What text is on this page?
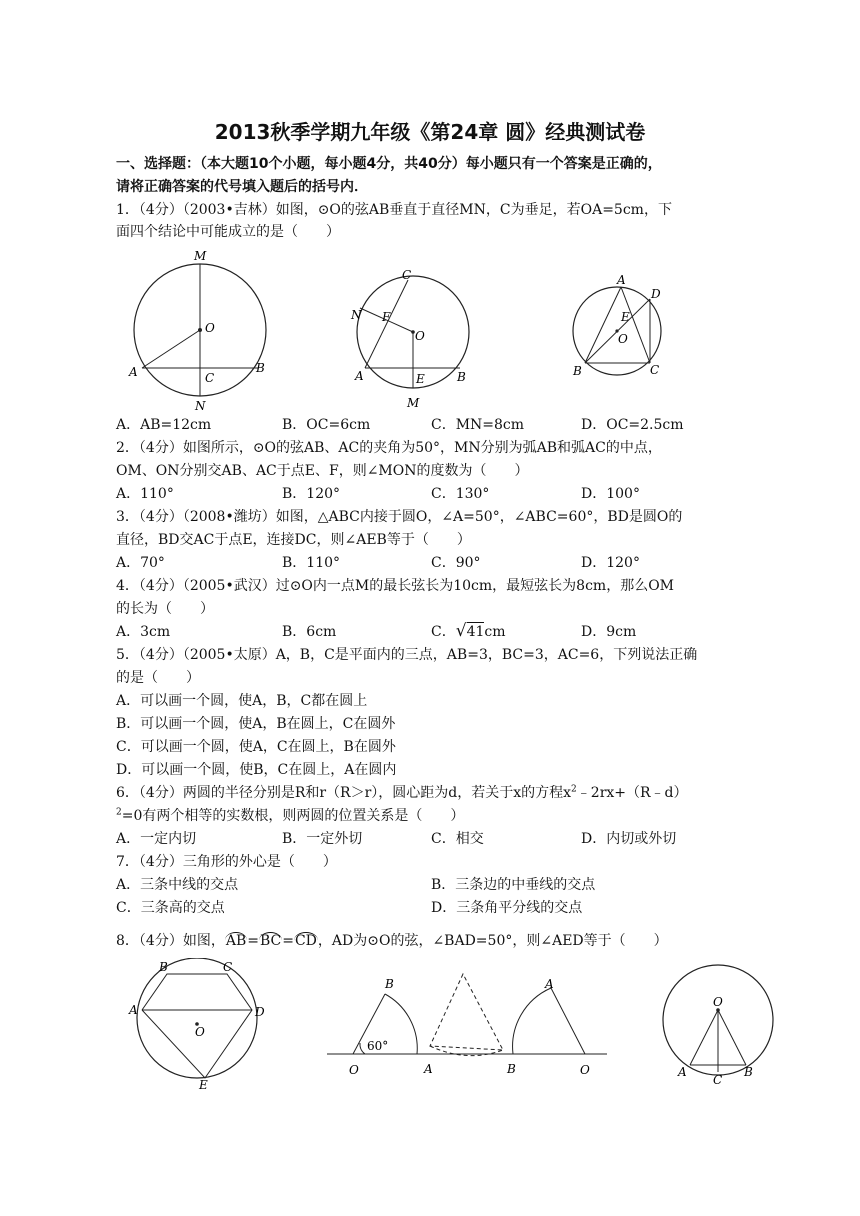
2013秋季学期九年级《第24章 圆》经典测试卷
一、选择题：（本大题10个小题，每小题4分，共40分）每小题只有一个答案是正确的，
请将正确答案的代号填入题后的括号内．
1．（4分）（2003•吉林）如图，⊙O的弦AB垂直于直径MN，C为垂足，若OA=5cm，下
面四个结论中可能成立的是（　　）
M
O
A	C
B
N
C
N F
O
A	E	B
M
A
D
E
O
B	C
A．AB=12cm	B．OC=6cm	C．MN=8cm	D．OC=2.5cm
2．（4分）如图所示，⊙O的弦AB、AC的夹角为50°，MN分别为弧AB和弧AC的中点，
OM、ON分别交AB、AC于点E、F，则∠MON的度数为（　　）
A．110°	B．120°	C．130°	D．100°
3．（4分）（2008•潍坊）如图，△ABC内接于圆O，∠A=50°，∠ABC=60°，BD是圆O的
直径，BD交AC于点E，连接DC，则∠AEB等于（　　）
A．70°	B．110°	C．90°	D．120°
4．（4分）（2005•武汉）过⊙O内一点M的最长弦长为10cm，最短弦长为8cm，那么OM
的长为（　　）
A．3cm	B．6cm	C．√41cm	D．9cm
5．（4分）（2005•太原）A，B，C是平面内的三点，AB=3，BC=3，AC=6，下列说法正确
的是（　　）
A．可以画一个圆，使A，B，C都在圆上
B．可以画一个圆，使A，B在圆上，C在圆外
C．可以画一个圆，使A，C在圆上，B在圆外
D．可以画一个圆，使B，C在圆上，A在圆内
6．（4分）两圆的半径分别是R和r（R＞r），圆心距为d，若关于x的方程$x^2﹣2rx+(R﹣d)$
$^2$=0有两个相等的实数根，则两圆的位置关系是（　　）
A．一定内切	B．一定外切	C．相交	D．内切或外切
7．（4分）三角形的外心是（　　）
A．三条中线的交点	B．三条边的中垂线的交点
C．三条高的交点	D．三条角平分线的交点
8．（4分）如图，AB=BC=CD，AD为⊙O的弦，∠BAD=50°，则∠AED等于（　　）
B	C
A	D
O
E
B
A	B
O
A
O
60°
O
A
C
B
